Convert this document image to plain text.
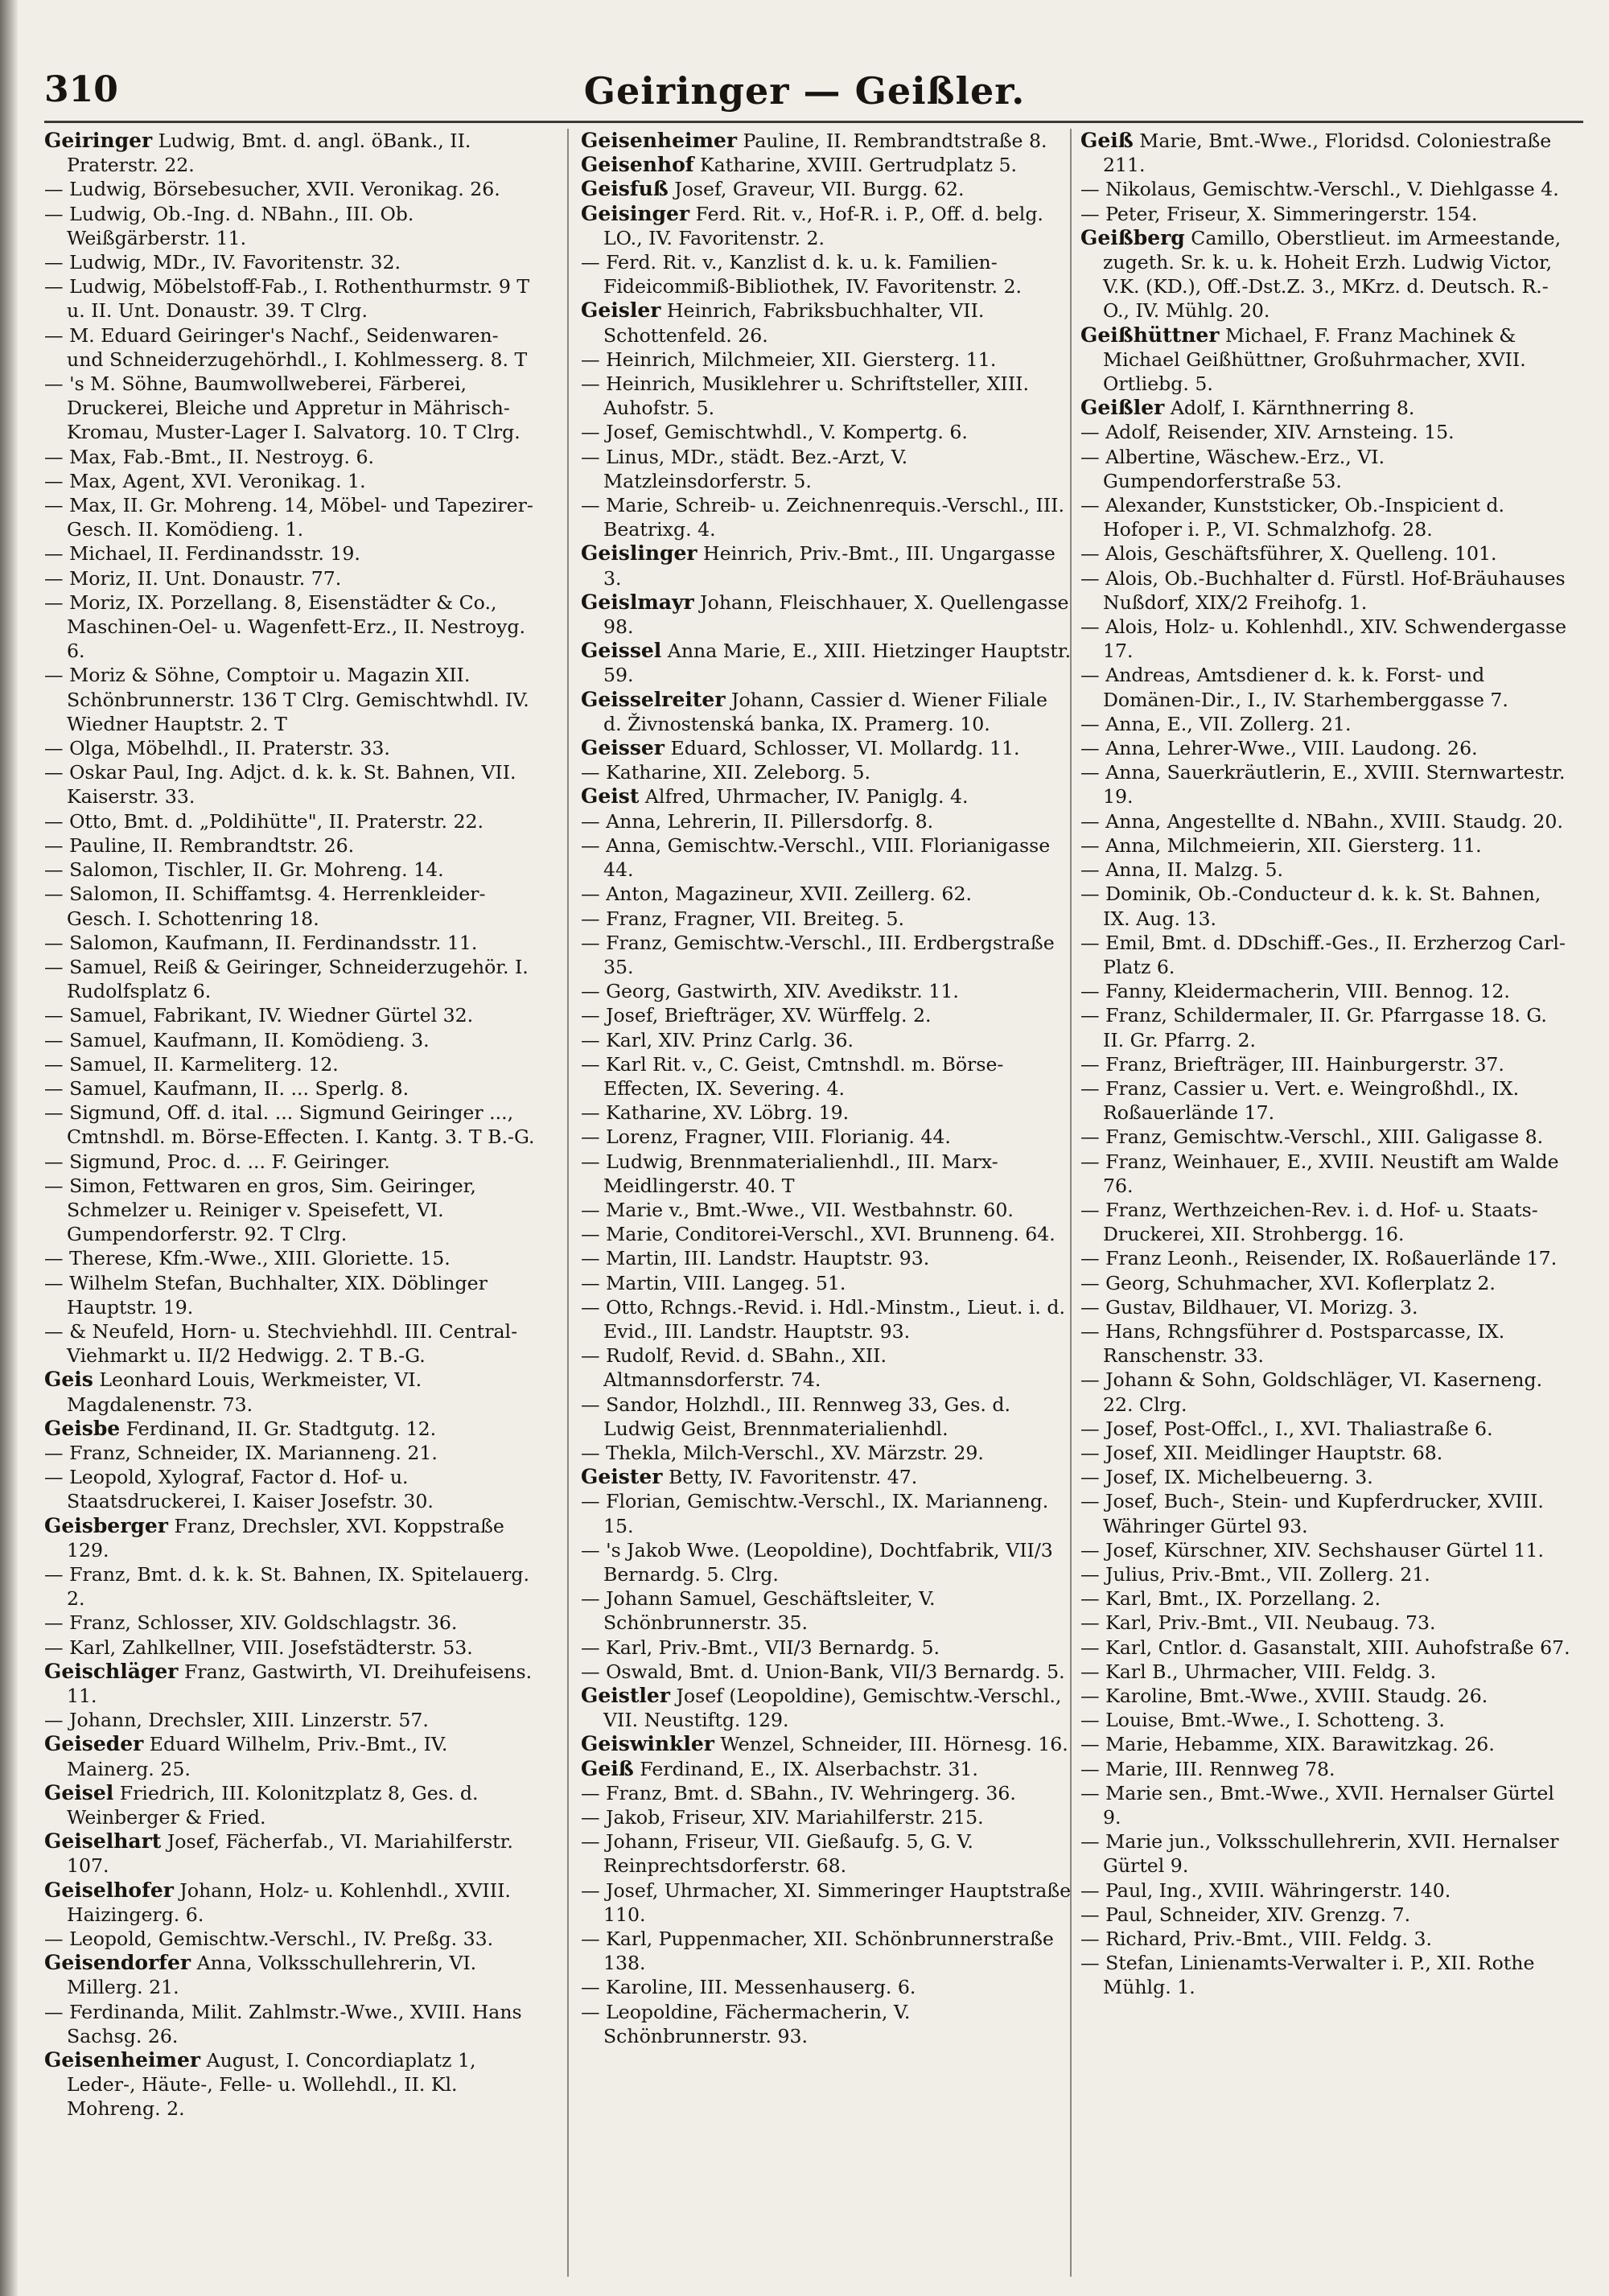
310	Geiringer — Geißler.
Geiringer Ludwig, Bmt. d. angl. öBank., II. Praterstr. 22.
— Ludwig, Börsebesucher, XVII. Veronikag. 26.
— Ludwig, Ob.-Ing. d. NBahn., III. Ob. Weißgärberstr. 11.
— Ludwig, MDr., IV. Favoritenstr. 32.
— Ludwig, Möbelstoff-Fab., I. Rothenthurmstr. 9 T u. II. Unt. Donaustr. 39. T Clrg.
— M. Eduard Geiringer's Nachf., Seidenwaren- und Schneiderzugehörhdl., I. Kohlmesserg. 8. T
— 's M. Söhne, Baumwollweberei, Färberei, Druckerei, Bleiche und Appretur in Mährisch-Kromau, Muster-Lager I. Salvatorg. 10. T Clrg.
— Max, Fab.-Bmt., II. Nestroyg. 6.
— Max, Agent, XVI. Veronikag. 1.
— Max, II. Gr. Mohreng. 14, Möbel- und Tapezirer-Gesch. II. Komödieng. 1.
— Michael, II. Ferdinandsstr. 19.
— Moriz, II. Unt. Donaustr. 77.
— Moriz, IX. Porzellang. 8, Eisenstädter & Co., Maschinen-Oel- u. Wagenfett-Erz., II. Nestroyg. 6.
— Moriz & Söhne, Comptoir u. Magazin XII. Schönbrunnerstr. 136 T Clrg. Gemischtwhdl. IV. Wiedner Hauptstr. 2. T
— Olga, Möbelhdl., II. Praterstr. 33.
— Oskar Paul, Ing. Adjct. d. k. k. St. Bahnen, VII. Kaiserstr. 33.
— Otto, Bmt. d. „Poldihütte", II. Praterstr. 22.
— Pauline, II. Rembrandtstr. 26.
— Salomon, Tischler, II. Gr. Mohreng. 14.
— Salomon, II. Schiffamtsg. 4. Herrenkleider-Gesch. I. Schottenring 18.
— Salomon, Kaufmann, II. Ferdinandsstr. 11.
— Samuel, Reiß & Geiringer, Schneiderzugehör. I. Rudolfsplatz 6.
— Samuel, Fabrikant, IV. Wiedner Gürtel 32.
— Samuel, Kaufmann, II. Komödieng. 3.
— Samuel, II. Karmeliterg. 12.
— Samuel, Kaufmann, II. ... Sperlg. 8.
— Sigmund, Off. d. ital. ... Sigmund Geiringer ..., Cmtnshdl. m. Börse-Effecten. I. Kantg. 3. T B.-G.
— Sigmund, Proc. d. ... F. Geiringer.
— Simon, Fettwaren en gros, Sim. Geiringer, Schmelzer u. Reiniger v. Speisefett, VI. Gumpendorferstr. 92. T Clrg.
— Therese, Kfm.-Wwe., XIII. Gloriette. 15.
— Wilhelm Stefan, Buchhalter, XIX. Döblinger Hauptstr. 19.
— & Neufeld, Horn- u. Stechviehhdl. III. Central-Viehmarkt u. II/2 Hedwigg. 2. T B.-G.
Geis Leonhard Louis, Werkmeister, VI. Magdalenenstr. 73.
Geisbe Ferdinand, II. Gr. Stadtgutg. 12.
— Franz, Schneider, IX. Marianneng. 21.
— Leopold, Xylograf, Factor d. Hof- u. Staatsdruckerei, I. Kaiser Josefstr. 30.
Geisberger Franz, Drechsler, XVI. Koppstraße 129.
— Franz, Bmt. d. k. k. St. Bahnen, IX. Spitelauerg. 2.
— Franz, Schlosser, XIV. Goldschlagstr. 36.
— Karl, Zahlkellner, VIII. Josefstädterstr. 53.
Geischläger Franz, Gastwirth, VI. Dreihufeisens. 11.
— Johann, Drechsler, XIII. Linzerstr. 57.
Geiseder Eduard Wilhelm, Priv.-Bmt., IV. Mainerg. 25.
Geisel Friedrich, III. Kolonitzplatz 8, Ges. d. Weinberger & Fried.
Geiselhart Josef, Fächerfab., VI. Mariahilferstr. 107.
Geiselhofer Johann, Holz- u. Kohlenhdl., XVIII. Haizingerg. 6.
— Leopold, Gemischtw.-Verschl., IV. Preßg. 33.
Geisendorfer Anna, Volksschullehrerin, VI. Millerg. 21.
— Ferdinanda, Milit. Zahlmstr.-Wwe., XVIII. Hans Sachsg. 26.
Geisenheimer August, I. Concordiaplatz 1, Leder-, Häute-, Felle- u. Wollehdl., II. Kl. Mohreng. 2.
Geisenheimer Pauline, II. Rembrandtstraße 8.
Geisenhof Katharine, XVIII. Gertrudplatz 5.
Geisfuß Josef, Graveur, VII. Burgg. 62.
Geisinger Ferd. Rit. v., Hof-R. i. P., Off. d. belg. LO., IV. Favoritenstr. 2.
— Ferd. Rit. v., Kanzlist d. k. u. k. Familien-Fideicommiß-Bibliothek, IV. Favoritenstr. 2.
Geisler Heinrich, Fabriksbuchhalter, VII. Schottenfeld. 26.
— Heinrich, Milchmeier, XII. Giersterg. 11.
— Heinrich, Musiklehrer u. Schriftsteller, XIII. Auhofstr. 5.
— Josef, Gemischtwhdl., V. Kompertg. 6.
— Linus, MDr., städt. Bez.-Arzt, V. Matzleinsdorferstr. 5.
— Marie, Schreib- u. Zeichnenrequis.-Verschl., III. Beatrixg. 4.
Geislinger Heinrich, Priv.-Bmt., III. Ungargasse 3.
Geislmayr Johann, Fleischhauer, X. Quellengasse 98.
Geissel Anna Marie, E., XIII. Hietzinger Hauptstr. 59.
Geisselreiter Johann, Cassier d. Wiener Filiale d. Živnostenská banka, IX. Pramerg. 10.
Geisser Eduard, Schlosser, VI. Mollardg. 11.
— Katharine, XII. Zeleborg. 5.
Geist Alfred, Uhrmacher, IV. Paniglg. 4.
— Anna, Lehrerin, II. Pillersdorfg. 8.
— Anna, Gemischtw.-Verschl., VIII. Florianigasse 44.
— Anton, Magazineur, XVII. Zeillerg. 62.
— Franz, Fragner, VII. Breiteg. 5.
— Franz, Gemischtw.-Verschl., III. Erdbergstraße 35.
— Georg, Gastwirth, XIV. Avedikstr. 11.
— Josef, Briefträger, XV. Würffelg. 2.
— Karl, XIV. Prinz Carlg. 36.
— Karl Rit. v., C. Geist, Cmtnshdl. m. Börse-Effecten, IX. Severing. 4.
— Katharine, XV. Löbrg. 19.
— Lorenz, Fragner, VIII. Florianig. 44.
— Ludwig, Brennmaterialienhdl., III. Marx-Meidlingerstr. 40. T
— Marie v., Bmt.-Wwe., VII. Westbahnstr. 60.
— Marie, Conditorei-Verschl., XVI. Brunneng. 64.
— Martin, III. Landstr. Hauptstr. 93.
— Martin, VIII. Langeg. 51.
— Otto, Rchngs.-Revid. i. Hdl.-Minstm., Lieut. i. d. Evid., III. Landstr. Hauptstr. 93.
— Rudolf, Revid. d. SBahn., XII. Altmannsdorferstr. 74.
— Sandor, Holzhdl., III. Rennweg 33, Ges. d. Ludwig Geist, Brennmaterialienhdl.
— Thekla, Milch-Verschl., XV. Märzstr. 29.
Geister Betty, IV. Favoritenstr. 47.
— Florian, Gemischtw.-Verschl., IX. Marianneng. 15.
— 's Jakob Wwe. (Leopoldine), Dochtfabrik, VII/3 Bernardg. 5. Clrg.
— Johann Samuel, Geschäftsleiter, V. Schönbrunnerstr. 35.
— Karl, Priv.-Bmt., VII/3 Bernardg. 5.
— Oswald, Bmt. d. Union-Bank, VII/3 Bernardg. 5.
Geistler Josef (Leopoldine), Gemischtw.-Verschl., VII. Neustiftg. 129.
Geiswinkler Wenzel, Schneider, III. Hörnesg. 16.
Geiß Ferdinand, E., IX. Alserbachstr. 31.
— Franz, Bmt. d. SBahn., IV. Wehringerg. 36.
— Jakob, Friseur, XIV. Mariahilferstr. 215.
— Johann, Friseur, VII. Gießaufg. 5, G. V. Reinprechtsdorferstr. 68.
— Josef, Uhrmacher, XI. Simmeringer Hauptstraße 110.
— Karl, Puppenmacher, XII. Schönbrunnerstraße 138.
— Karoline, III. Messenhauserg. 6.
— Leopoldine, Fächermacherin, V. Schönbrunnerstr. 93.
Geiß Marie, Bmt.-Wwe., Floridsd. Coloniestraße 211.
— Nikolaus, Gemischtw.-Verschl., V. Diehlgasse 4.
— Peter, Friseur, X. Simmeringerstr. 154.
Geißberg Camillo, Oberstlieut. im Armeestande, zugeth. Sr. k. u. k. Hoheit Erzh. Ludwig Victor, V.K. (KD.), Off.-Dst.Z. 3., MKrz. d. Deutsch. R.-O., IV. Mühlg. 20.
Geißhüttner Michael, F. Franz Machinek & Michael Geißhüttner, Großuhrmacher, XVII. Ortliebg. 5.
Geißler Adolf, I. Kärnthnerring 8.
— Adolf, Reisender, XIV. Arnsteing. 15.
— Albertine, Wäschew.-Erz., VI. Gumpendorferstraße 53.
— Alexander, Kunststicker, Ob.-Inspicient d. Hofoper i. P., VI. Schmalzhofg. 28.
— Alois, Geschäftsführer, X. Quelleng. 101.
— Alois, Ob.-Buchhalter d. Fürstl. Hof-Bräuhauses Nußdorf, XIX/2 Freihofg. 1.
— Alois, Holz- u. Kohlenhdl., XIV. Schwendergasse 17.
— Andreas, Amtsdiener d. k. k. Forst- und Domänen-Dir., I., IV. Starhemberggasse 7.
— Anna, E., VII. Zollerg. 21.
— Anna, Lehrer-Wwe., VIII. Laudong. 26.
— Anna, Sauerkräutlerin, E., XVIII. Sternwartestr. 19.
— Anna, Angestellte d. NBahn., XVIII. Staudg. 20.
— Anna, Milchmeierin, XII. Giersterg. 11.
— Anna, II. Malzg. 5.
— Dominik, Ob.-Conducteur d. k. k. St. Bahnen, IX. Aug. 13.
— Emil, Bmt. d. DDschiff.-Ges., II. Erzherzog Carl-Platz 6.
— Fanny, Kleidermacherin, VIII. Bennog. 12.
— Franz, Schildermaler, II. Gr. Pfarrgasse 18. G. II. Gr. Pfarrg. 2.
— Franz, Briefträger, III. Hainburgerstr. 37.
— Franz, Cassier u. Vert. e. Weingroßhdl., IX. Roßauerlände 17.
— Franz, Gemischtw.-Verschl., XIII. Galigasse 8.
— Franz, Weinhauer, E., XVIII. Neustift am Walde 76.
— Franz, Werthzeichen-Rev. i. d. Hof- u. Staats-Druckerei, XII. Strohbergg. 16.
— Franz Leonh., Reisender, IX. Roßauerlände 17.
— Georg, Schuhmacher, XVI. Koflerplatz 2.
— Gustav, Bildhauer, VI. Morizg. 3.
— Hans, Rchngsführer d. Postsparcasse, IX. Ranschenstr. 33.
— Johann & Sohn, Goldschläger, VI. Kaserneng. 22. Clrg.
— Josef, Post-Offcl., I., XVI. Thaliastraße 6.
— Josef, XII. Meidlinger Hauptstr. 68.
— Josef, IX. Michelbeuerng. 3.
— Josef, Buch-, Stein- und Kupferdrucker, XVIII. Währinger Gürtel 93.
— Josef, Kürschner, XIV. Sechshauser Gürtel 11.
— Julius, Priv.-Bmt., VII. Zollerg. 21.
— Karl, Bmt., IX. Porzellang. 2.
— Karl, Priv.-Bmt., VII. Neubaug. 73.
— Karl, Cntlor. d. Gasanstalt, XIII. Auhofstraße 67.
— Karl B., Uhrmacher, VIII. Feldg. 3.
— Karoline, Bmt.-Wwe., XVIII. Staudg. 26.
— Louise, Bmt.-Wwe., I. Schotteng. 3.
— Marie, Hebamme, XIX. Barawitzkag. 26.
— Marie, III. Rennweg 78.
— Marie sen., Bmt.-Wwe., XVII. Hernalser Gürtel 9.
— Marie jun., Volksschullehrerin, XVII. Hernalser Gürtel 9.
— Paul, Ing., XVIII. Währingerstr. 140.
— Paul, Schneider, XIV. Grenzg. 7.
— Richard, Priv.-Bmt., VIII. Feldg. 3.
— Stefan, Linienamts-Verwalter i. P., XII. Rothe Mühlg. 1.
